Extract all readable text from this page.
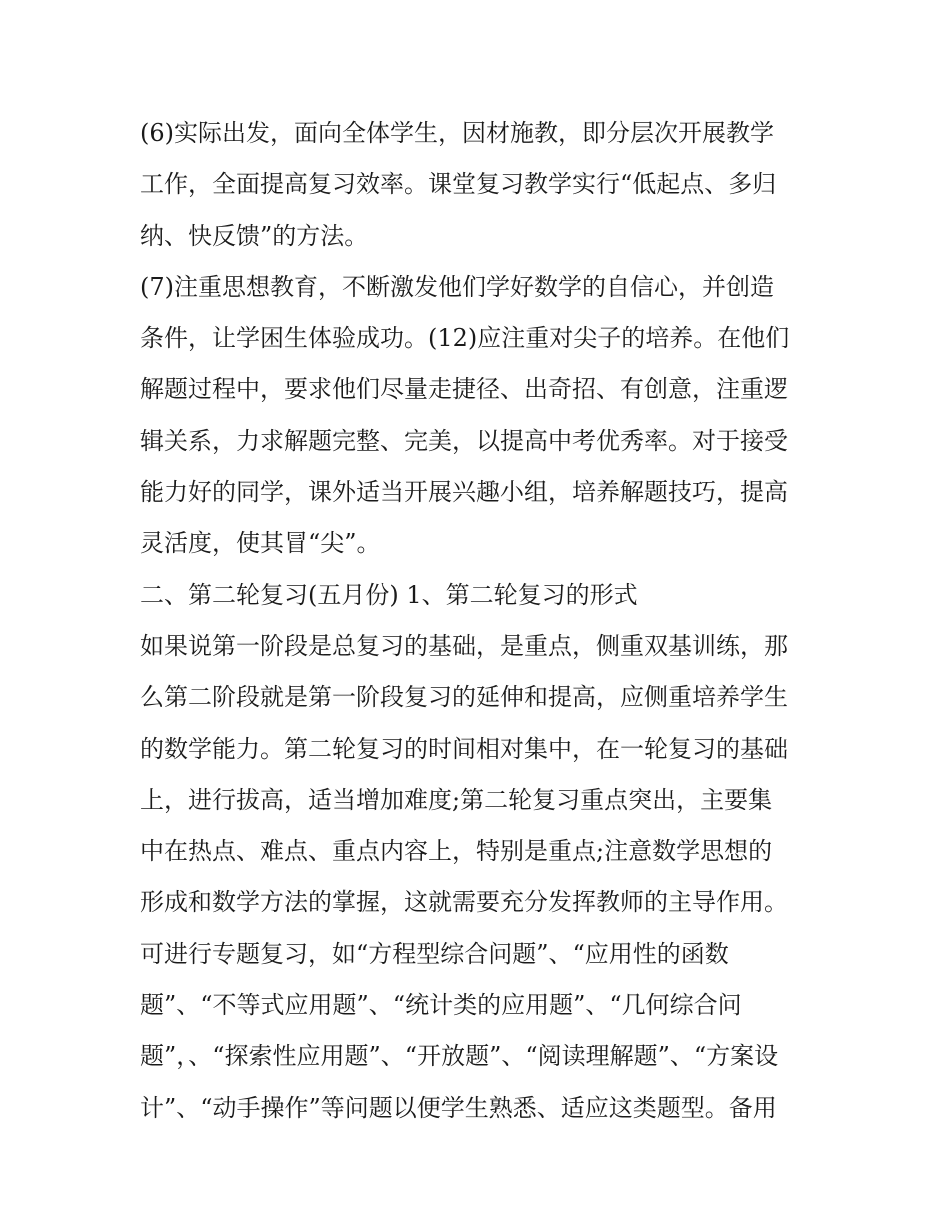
(6)实际出发，面向全体学生，因材施教，即分层次开展教学
工作，全面提高复习效率。课堂复习教学实行“低起点、多归
纳、快反馈”的方法。
(7)注重思想教育，不断激发他们学好数学的自信心，并创造
条件，让学困生体验成功。(12)应注重对尖子的培养。在他们
解题过程中，要求他们尽量走捷径、出奇招、有创意，注重逻
辑关系，力求解题完整、完美，以提高中考优秀率。对于接受
能力好的同学，课外适当开展兴趣小组，培养解题技巧，提高
灵活度，使其冒“尖”。
二、第二轮复习(五月份) 1、第二轮复习的形式
如果说第一阶段是总复习的基础，是重点，侧重双基训练，那
么第二阶段就是第一阶段复习的延伸和提高，应侧重培养学生
的数学能力。第二轮复习的时间相对集中，在一轮复习的基础
上，进行拔高，适当增加难度;第二轮复习重点突出，主要集
中在热点、难点、重点内容上，特别是重点;注意数学思想的
形成和数学方法的掌握，这就需要充分发挥教师的主导作用。
可进行专题复习，如“方程型综合问题”、“应用性的函数
题”、“不等式应用题”、“统计类的应用题”、“几何综合问
题”，、“探索性应用题”、“开放题”、“阅读理解题”、“方案设
计”、“动手操作”等问题以便学生熟悉、适应这类题型。备用
